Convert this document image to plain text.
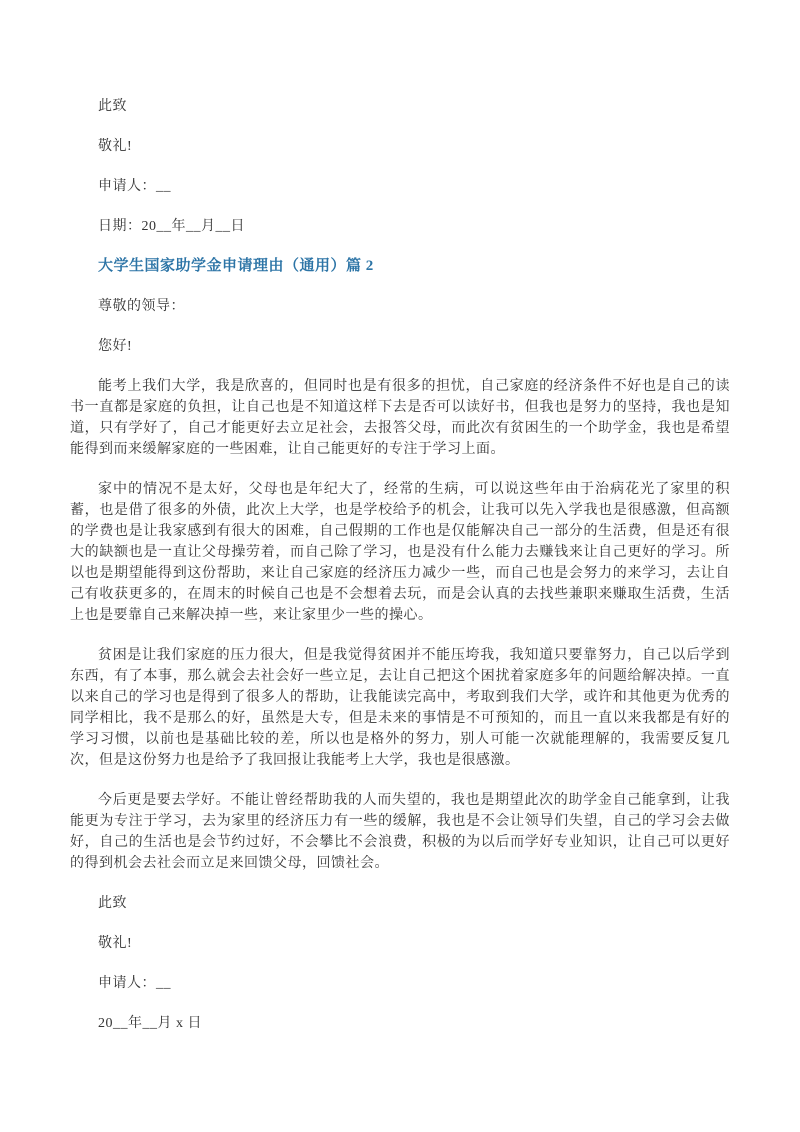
此致

敬礼!

申请人：__

日期：20__年__月__日

大学生国家助学金申请理由（通用）篇 2

尊敬的领导：

您好!

能考上我们大学，我是欣喜的，但同时也是有很多的担忧，自己家庭的经济条件不好也是自己的读书一直都是家庭的负担，让自己也是不知道这样下去是否可以读好书，但我也是努力的坚持，我也是知道，只有学好了，自己才能更好去立足社会，去报答父母，而此次有贫困生的一个助学金，我也是希望能得到而来缓解家庭的一些困难，让自己能更好的专注于学习上面。

家中的情况不是太好，父母也是年纪大了，经常的生病，可以说这些年由于治病花光了家里的积蓄，也是借了很多的外债，此次上大学，也是学校给予的机会，让我可以先入学我也是很感激，但高额的学费也是让我家感到有很大的困难，自己假期的工作也是仅能解决自己一部分的生活费，但是还有很大的缺额也是一直让父母操劳着，而自己除了学习，也是没有什么能力去赚钱来让自己更好的学习。所以也是期望能得到这份帮助，来让自己家庭的经济压力减少一些，而自己也是会努力的来学习，去让自己有收获更多的，在周末的时候自己也是不会想着去玩，而是会认真的去找些兼职来赚取生活费，生活上也是要靠自己来解决掉一些，来让家里少一些的操心。

贫困是让我们家庭的压力很大，但是我觉得贫困并不能压垮我，我知道只要靠努力，自己以后学到东西，有了本事，那么就会去社会好一些立足，去让自己把这个困扰着家庭多年的问题给解决掉。一直以来自己的学习也是得到了很多人的帮助，让我能读完高中，考取到我们大学，或许和其他更为优秀的同学相比，我不是那么的好，虽然是大专，但是未来的事情是不可预知的，而且一直以来我都是有好的学习习惯，以前也是基础比较的差，所以也是格外的努力，别人可能一次就能理解的，我需要反复几次，但是这份努力也是给予了我回报让我能考上大学，我也是很感激。

今后更是要去学好。不能让曾经帮助我的人而失望的，我也是期望此次的助学金自己能拿到，让我能更为专注于学习，去为家里的经济压力有一些的缓解，我也是不会让领导们失望，自己的学习会去做好，自己的生活也是会节约过好，不会攀比不会浪费，积极的为以后而学好专业知识，让自己可以更好的得到机会去社会而立足来回馈父母，回馈社会。

此致

敬礼!

申请人：__

20__年__月 x 日
